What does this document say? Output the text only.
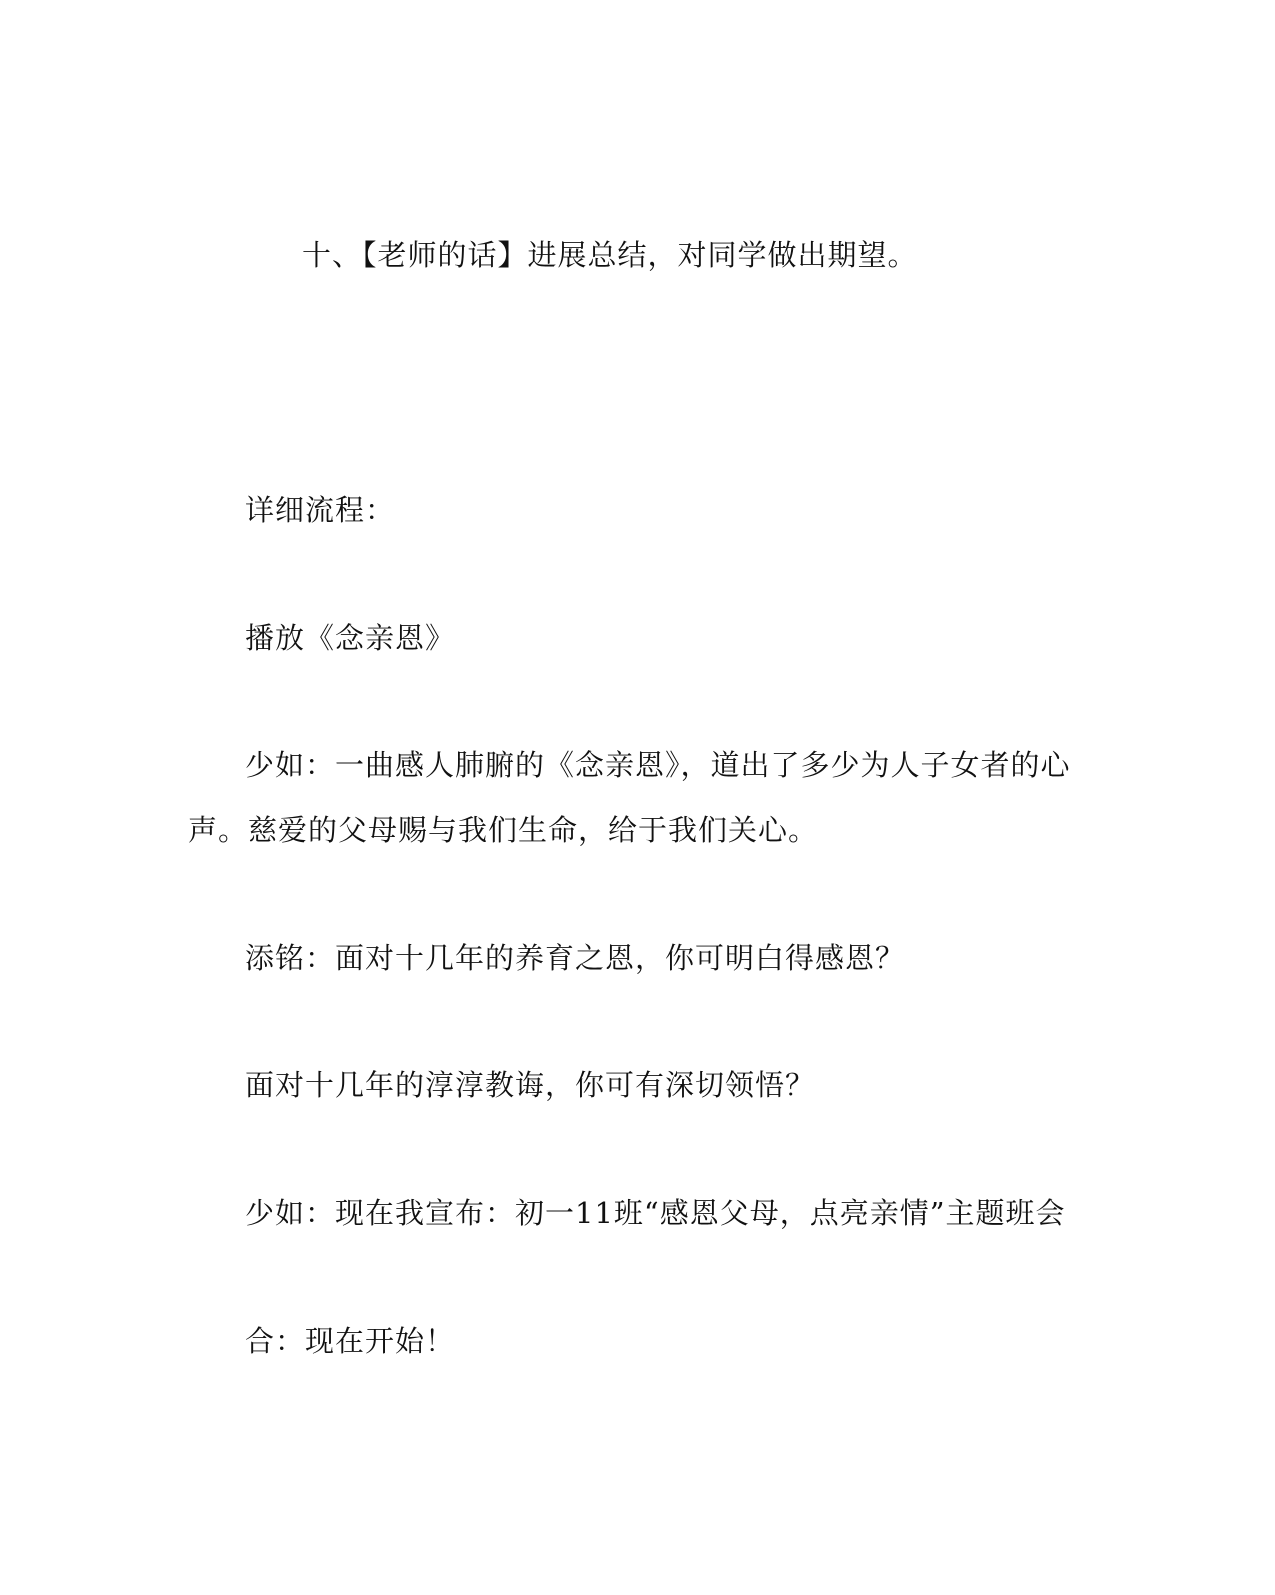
十、【老师的话】进展总结，对同学做出期望。
详细流程：
播放《念亲恩》
少如：一曲感人肺腑的《念亲恩》，道出了多少为人子女者的心
声。慈爱的父母赐与我们生命，给于我们关心。
添铭：面对十几年的养育之恩，你可明白得感恩？
面对十几年的淳淳教诲，你可有深切领悟？
少如：现在我宣布：初一11班“感恩父母，点亮亲情”主题班会
合：现在开始！
